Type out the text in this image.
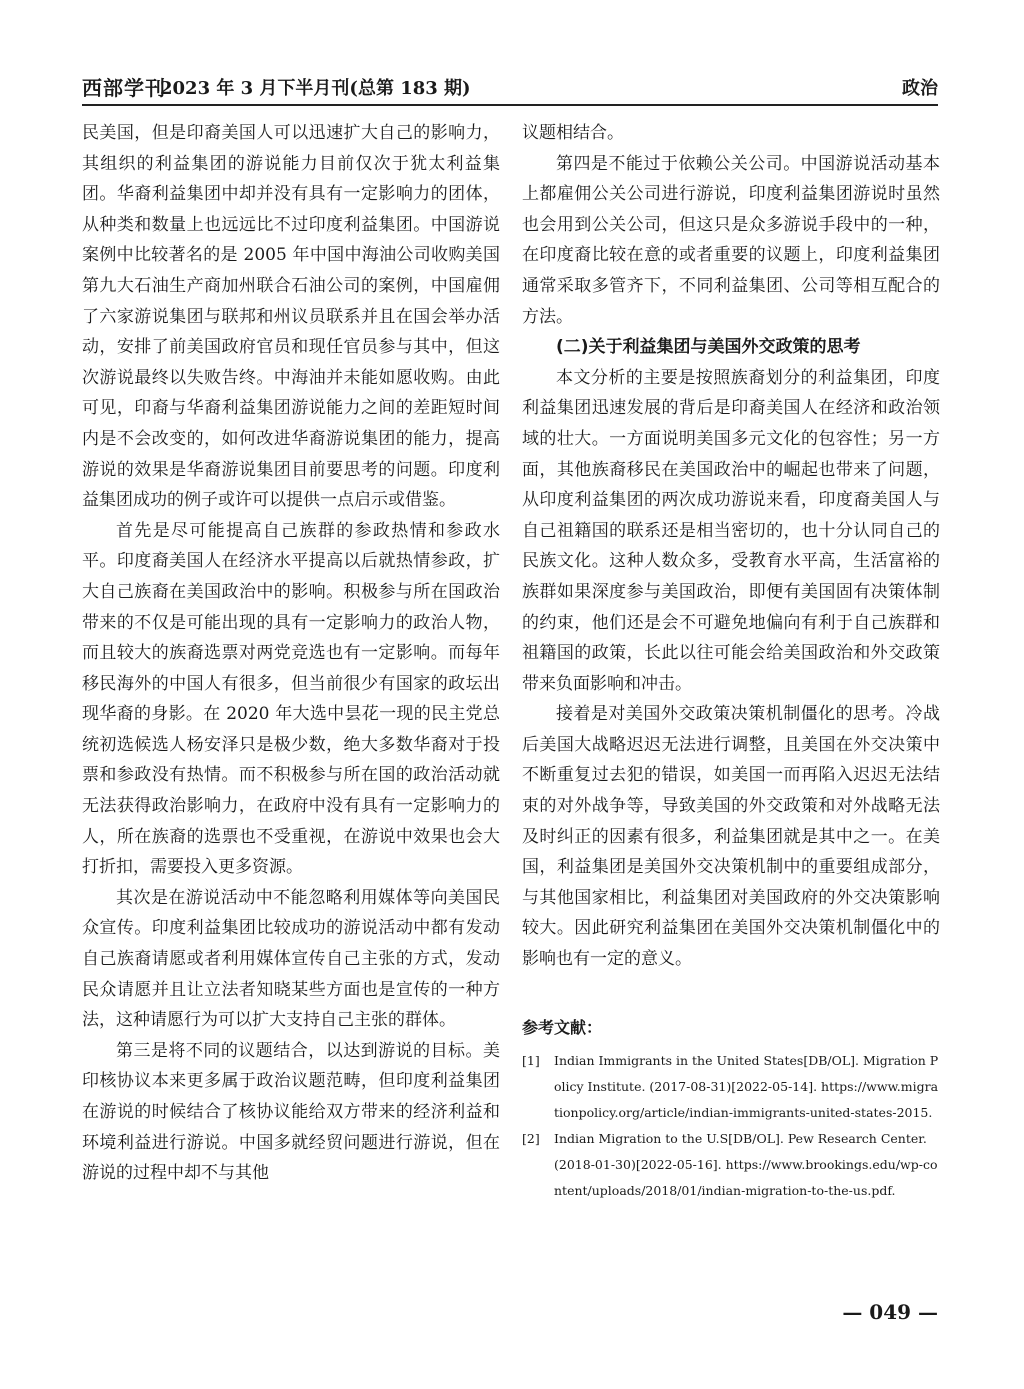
西部学刊
2023 年 3 月下半月刊(总第 183 期)	政治

民美国，但是印裔美国人可以迅速扩大自己的影响力，其组织的利益集团的游说能力目前仅次于犹太利益集团。华裔利益集团中却并没有具有一定影响力的团体，从种类和数量上也远远比不过印度利益集团。中国游说案例中比较著名的是 2005 年中国中海油公司收购美国第九大石油生产商加州联合石油公司的案例，中国雇佣了六家游说集团与联邦和州议员联系并且在国会举办活动，安排了前美国政府官员和现任官员参与其中，但这次游说最终以失败告终。中海油并未能如愿收购。由此可见，印裔与华裔利益集团游说能力之间的差距短时间内是不会改变的，如何改进华裔游说集团的能力，提高游说的效果是华裔游说集团目前要思考的问题。印度利益集团成功的例子或许可以提供一点启示或借鉴。

首先是尽可能提高自己族群的参政热情和参政水平。印度裔美国人在经济水平提高以后就热情参政，扩大自己族裔在美国政治中的影响。积极参与所在国政治带来的不仅是可能出现的具有一定影响力的政治人物，而且较大的族裔选票对两党竞选也有一定影响。而每年移民海外的中国人有很多，但当前很少有国家的政坛出现华裔的身影。在 2020 年大选中昙花一现的民主党总统初选候选人杨安泽只是极少数，绝大多数华裔对于投票和参政没有热情。而不积极参与所在国的政治活动就无法获得政治影响力，在政府中没有具有一定影响力的人，所在族裔的选票也不受重视，在游说中效果也会大打折扣，需要投入更多资源。

其次是在游说活动中不能忽略利用媒体等向美国民众宣传。印度利益集团比较成功的游说活动中都有发动自己族裔请愿或者利用媒体宣传自己主张的方式，发动民众请愿并且让立法者知晓某些方面也是宣传的一种方法，这种请愿行为可以扩大支持自己主张的群体。

第三是将不同的议题结合，以达到游说的目标。美印核协议本来更多属于政治议题范畴，但印度利益集团在游说的时候结合了核协议能给双方带来的经济利益和环境利益进行游说。中国多就经贸问题进行游说，但在游说的过程中却不与其他

议题相结合。

第四是不能过于依赖公关公司。中国游说活动基本上都雇佣公关公司进行游说，印度利益集团游说时虽然也会用到公关公司，但这只是众多游说手段中的一种，在印度裔比较在意的或者重要的议题上，印度利益集团通常采取多管齐下，不同利益集团、公司等相互配合的方法。

(二)关于利益集团与美国外交政策的思考

本文分析的主要是按照族裔划分的利益集团，印度利益集团迅速发展的背后是印裔美国人在经济和政治领域的壮大。一方面说明美国多元文化的包容性；另一方面，其他族裔移民在美国政治中的崛起也带来了问题，从印度利益集团的两次成功游说来看，印度裔美国人与自己祖籍国的联系还是相当密切的，也十分认同自己的民族文化。这种人数众多，受教育水平高，生活富裕的族群如果深度参与美国政治，即便有美国固有决策体制的约束，他们还是会不可避免地偏向有利于自己族群和祖籍国的政策，长此以往可能会给美国政治和外交政策带来负面影响和冲击。

接着是对美国外交政策决策机制僵化的思考。冷战后美国大战略迟迟无法进行调整，且美国在外交决策中不断重复过去犯的错误，如美国一而再陷入迟迟无法结束的对外战争等，导致美国的外交政策和对外战略无法及时纠正的因素有很多，利益集团就是其中之一。在美国，利益集团是美国外交决策机制中的重要组成部分，与其他国家相比，利益集团对美国政府的外交决策影响较大。因此研究利益集团在美国外交决策机制僵化中的影响也有一定的意义。

参考文献：
[1] Indian Immigrants in the United States[DB/OL]. Migration Policy Institute. (2017-08-31)[2022-05-14]. https://www.migrationpolicy.org/article/indian-immigrants-united-states-2015.
[2] Indian Migration to the U.S[DB/OL]. Pew Research Center. (2018-01-30)[2022-05-16]. https://www.brookings.edu/wp-content/uploads/2018/01/indian-migration-to-the-us.pdf.
— 049 —
